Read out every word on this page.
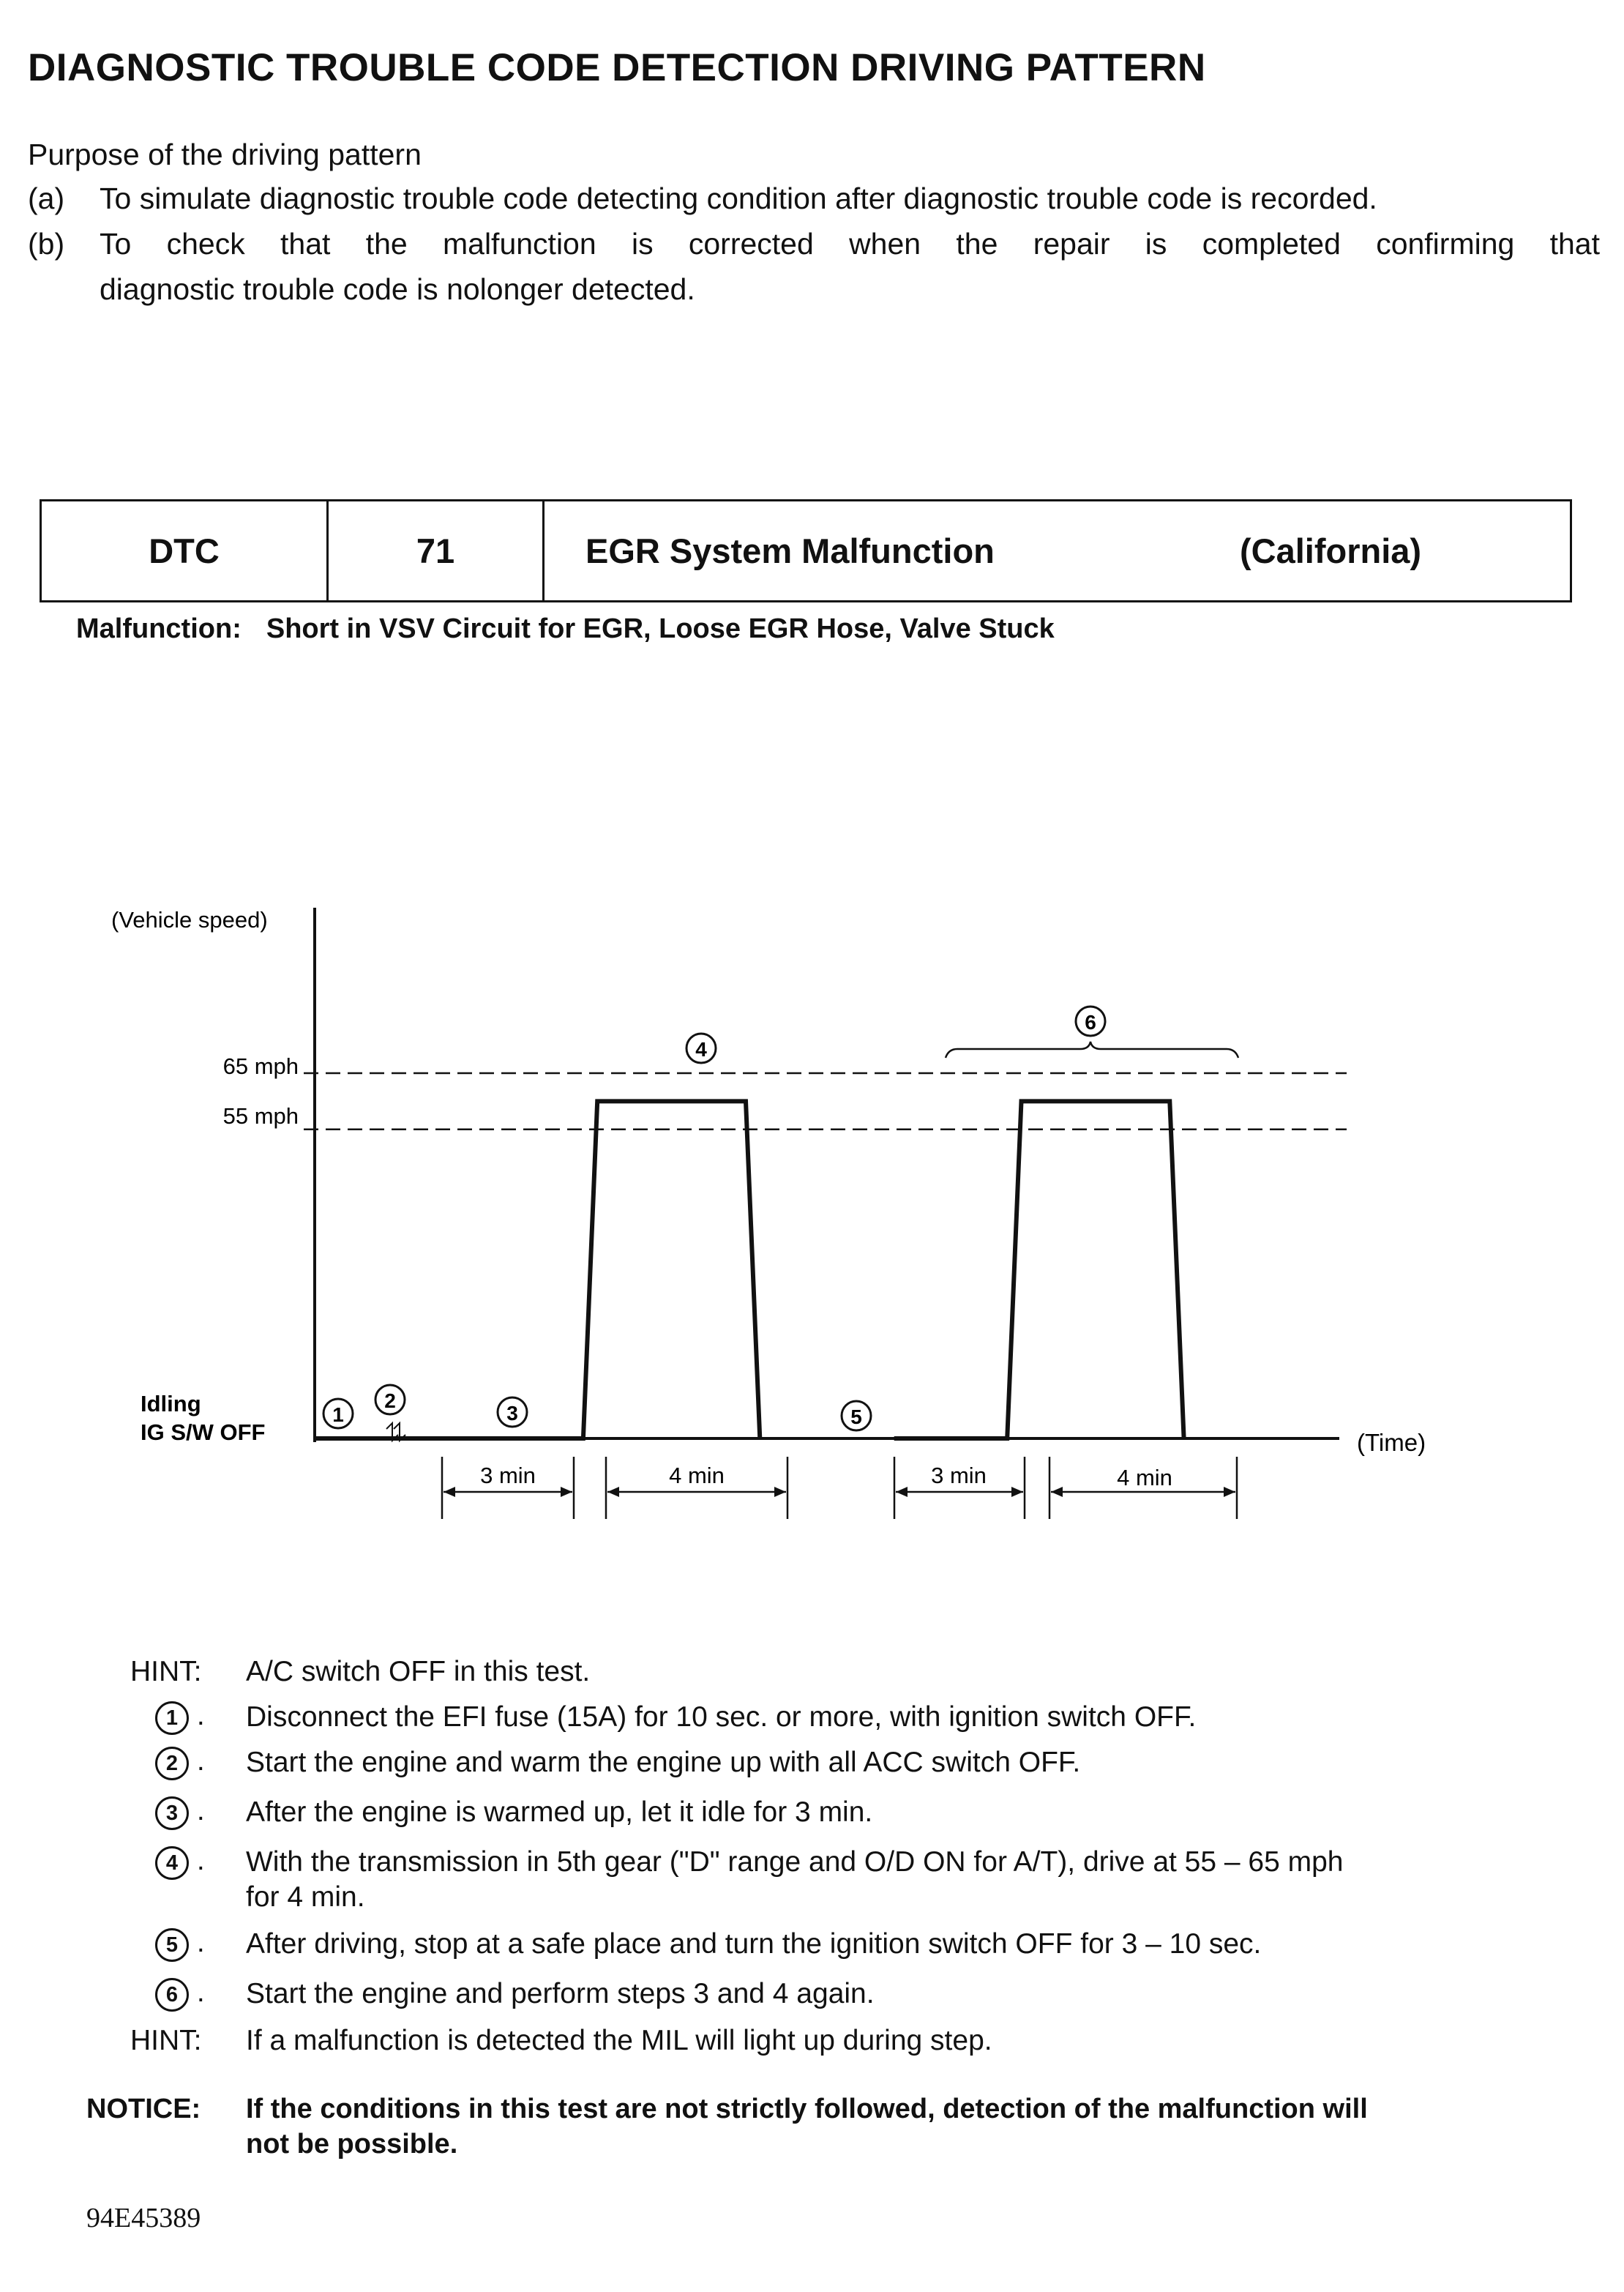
DIAGNOSTIC TROUBLE CODE DETECTION DRIVING PATTERN
Purpose of the driving pattern
(a) To simulate diagnostic trouble code detecting condition after diagnostic trouble code is recorded.
(b) To check that the malfunction is corrected when the repair is completed confirming that
diagnostic trouble code is nolonger detected.
DTC	71	EGR System Malfunction	(California)
Malfunction: Short in VSV Circuit for EGR, Loose EGR Hose, Valve Stuck
(Vehicle speed)
(Time)
65 mph
55 mph
Idling
IG S/W OFF
1
2
3
4
5
6
3 min	4 min	3 min	4 min
HINT: A/C switch OFF in this test.
1 . Disconnect the EFI fuse (15A) for 10 sec. or more, with ignition switch OFF.
2 . Start the engine and warm the engine up with all ACC switch OFF.
3 . After the engine is warmed up, let it idle for 3 min.
4 . With the transmission in 5th gear ("D" range and O/D ON for A/T), drive at 55 – 65 mph
for 4 min.
5 . After driving, stop at a safe place and turn the ignition switch OFF for 3 – 10 sec.
6 . Start the engine and perform steps 3 and 4 again.
HINT: If a malfunction is detected the MIL will light up during step.
NOTICE: If the conditions in this test are not strictly followed, detection of the malfunction will
not be possible.
94E45389
